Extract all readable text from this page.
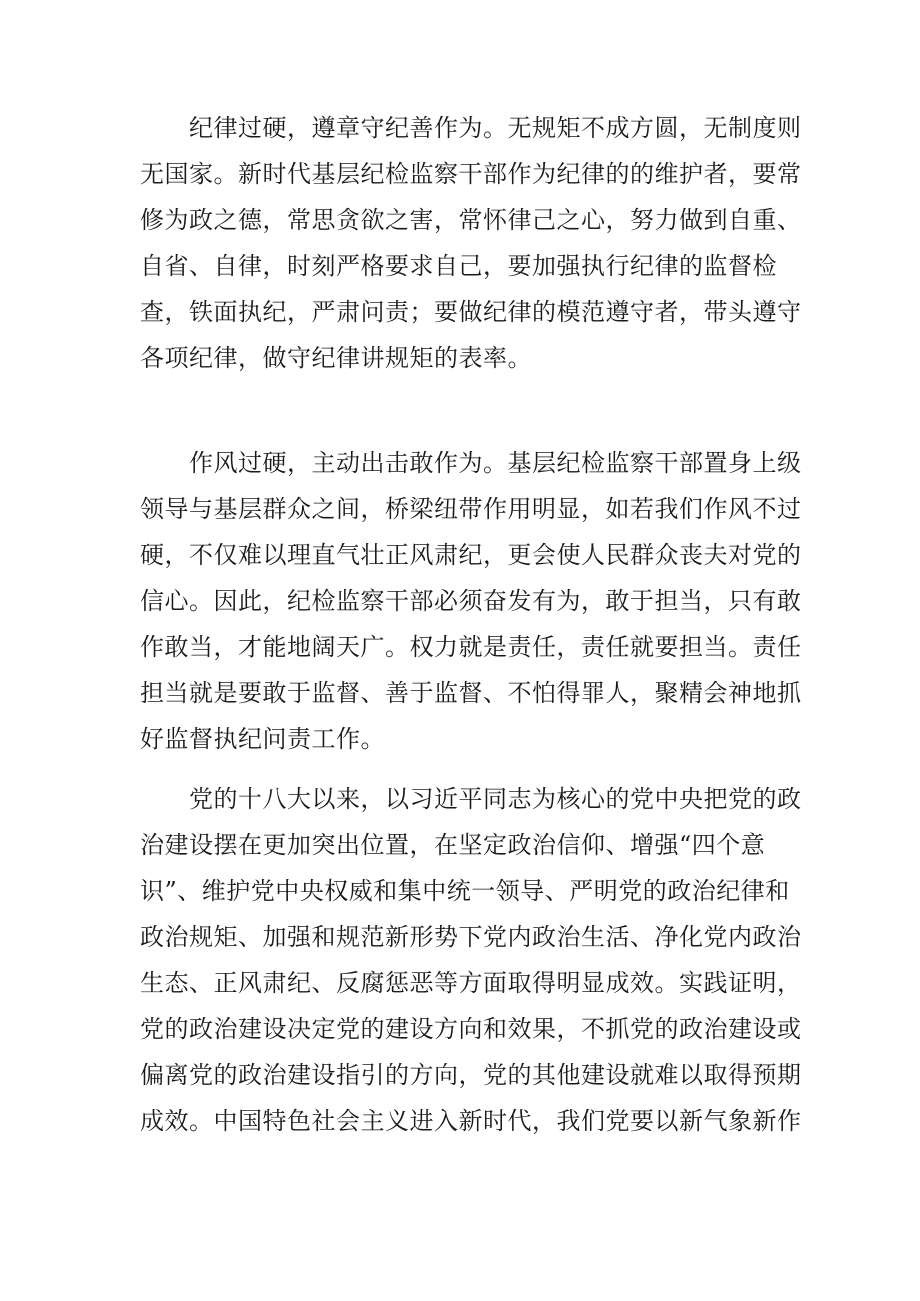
　　纪律过硬，遵章守纪善作为。无规矩不成方圆，无制度则
无国家。新时代基层纪检监察干部作为纪律的的维护者，要常
修为政之德，常思贪欲之害，常怀律己之心，努力做到自重、
自省、自律，时刻严格要求自己，要加强执行纪律的监督检
查，铁面执纪，严肃问责；要做纪律的模范遵守者，带头遵守
各项纪律，做守纪律讲规矩的表率。
　　作风过硬，主动出击敢作为。基层纪检监察干部置身上级
领导与基层群众之间，桥梁纽带作用明显，如若我们作风不过
硬，不仅难以理直气壮正风肃纪，更会使人民群众丧夫对党的
信心。因此，纪检监察干部必须奋发有为，敢于担当，只有敢
作敢当，才能地阔天广。权力就是责任，责任就要担当。责任
担当就是要敢于监督、善于监督、不怕得罪人，聚精会神地抓
好监督执纪问责工作。
　　党的十八大以来，以习近平同志为核心的党中央把党的政
治建设摆在更加突出位置，在坚定政治信仰、增强“四个意
识”、维护党中央权威和集中统一领导、严明党的政治纪律和
政治规矩、加强和规范新形势下党内政治生活、净化党内政治
生态、正风肃纪、反腐惩恶等方面取得明显成效。实践证明，
党的政治建设决定党的建设方向和效果，不抓党的政治建设或
偏离党的政治建设指引的方向，党的其他建设就难以取得预期
成效。中国特色社会主义进入新时代，我们党要以新气象新作
